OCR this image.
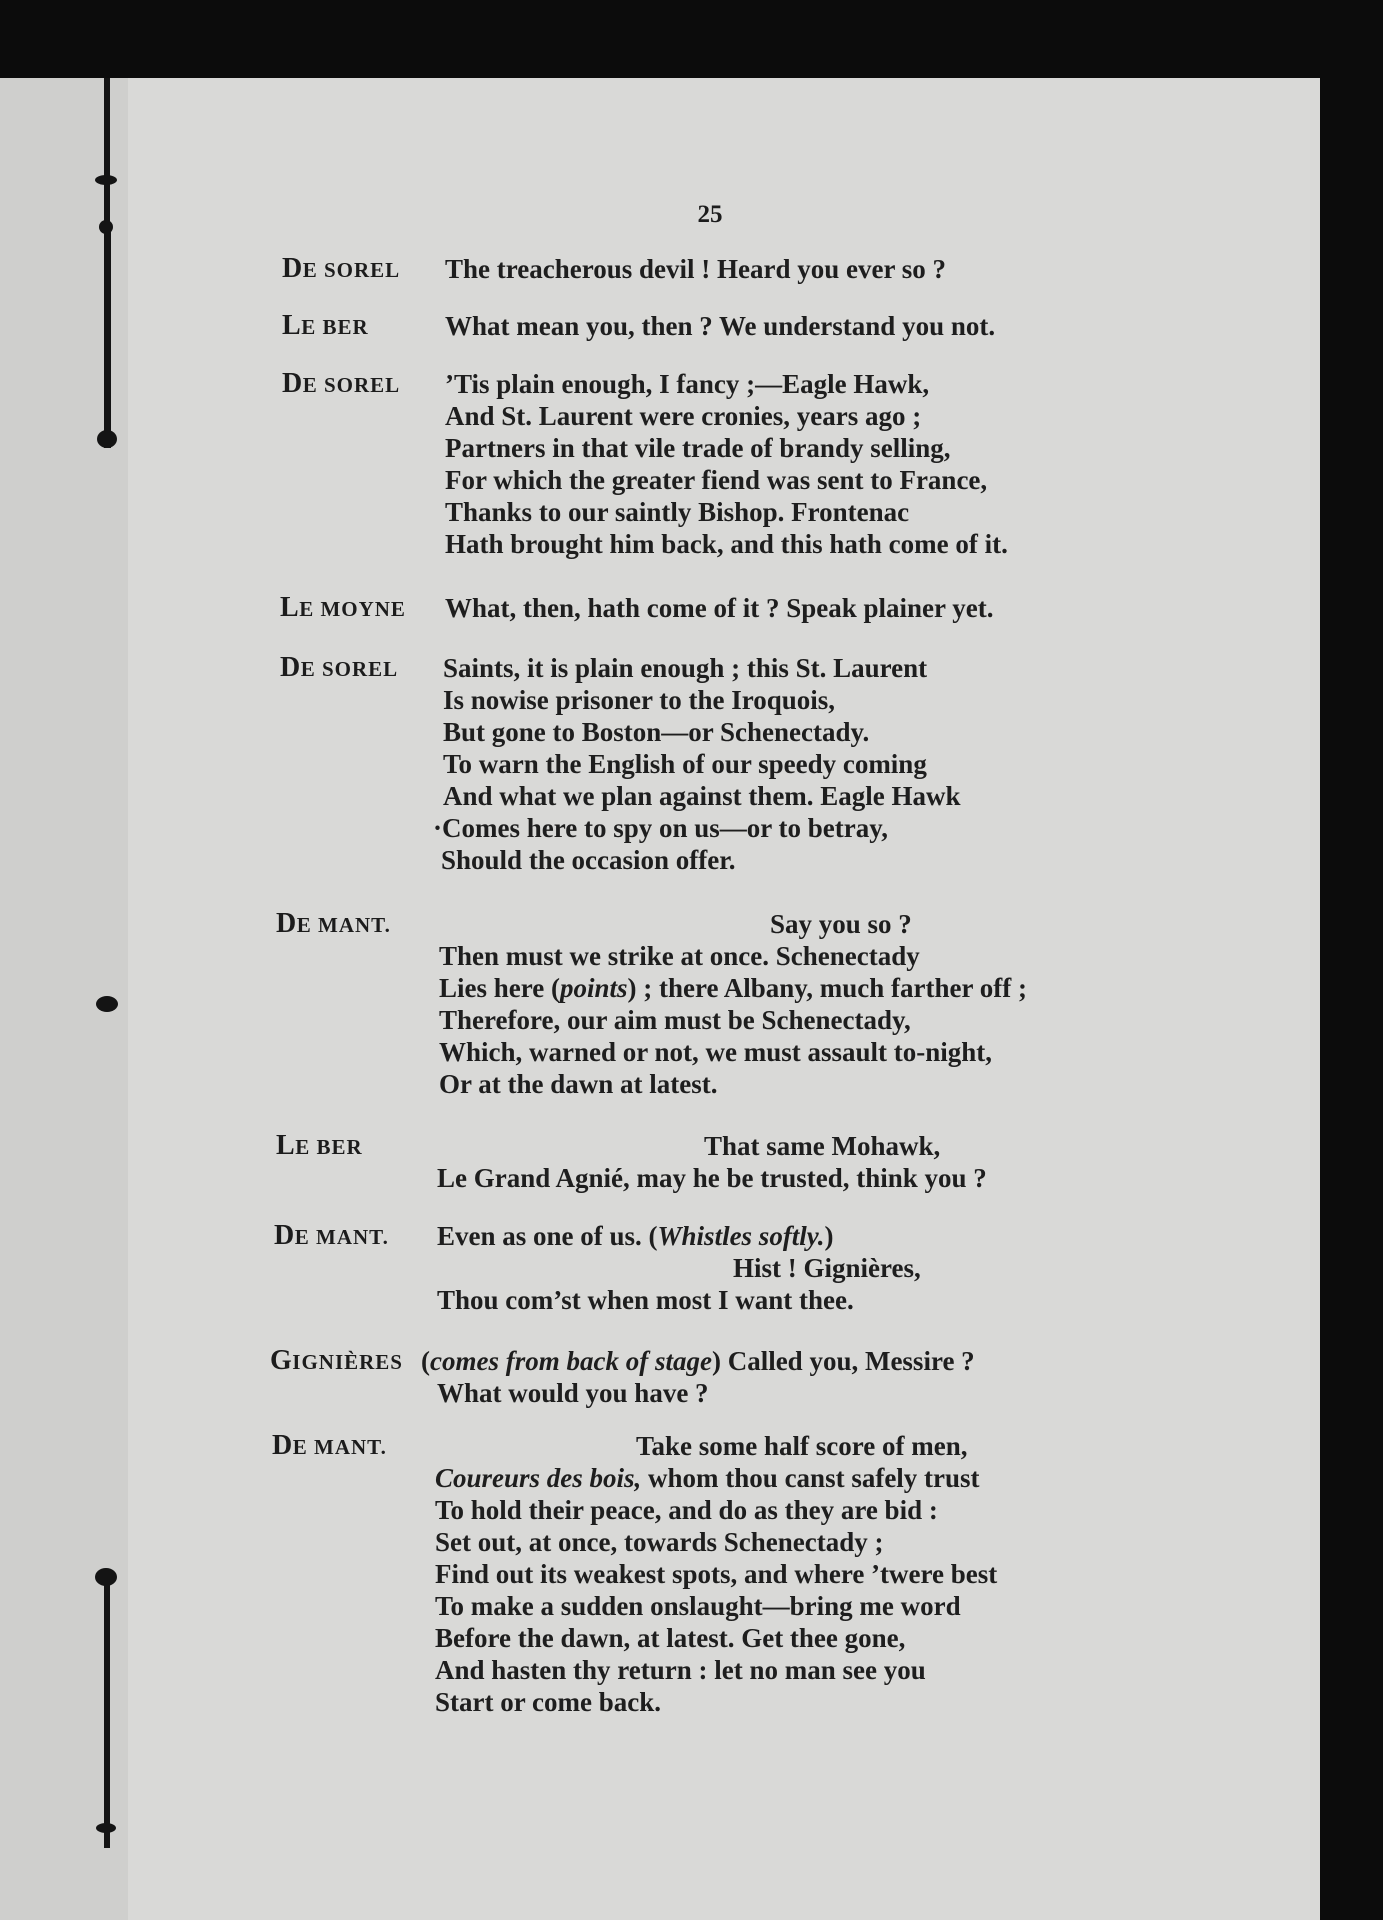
25
DE SOREL The treacherous devil ! Heard you ever so ?
LE BER	What mean you, then ? We understand you not.
DE SOREL ’Tis plain enough, I fancy ;—Eagle Hawk,
And St. Laurent were cronies, years ago ;
Partners in that vile trade of brandy selling,
For which the greater fiend was sent to France,
Thanks to our saintly Bishop. Frontenac
Hath brought him back, and this hath come of it.
LE MOYNE What, then, hath come of it ? Speak plainer yet.
DE SOREL Saints, it is plain enough ; this St. Laurent
Is nowise prisoner to the Iroquois,
But gone to Boston—or Schenectady.
To warn the English of our speedy coming
And what we plan against them. Eagle Hawk
·Comes here to spy on us—or to betray,
Should the occasion offer.
DE MANT.	Say you so ?
Then must we strike at once. Schenectady
Lies here (points) ; there Albany, much farther off ;
Therefore, our aim must be Schenectady,
Which, warned or not, we must assault to-night,
Or at the dawn at latest.
LE BER	That same Mohawk,
Le Grand Agnié, may he be trusted, think you ?
DE MANT. Even as one of us. (Whistles softly.)
Hist ! Gignières,
Thou com’st when most I want thee.
GIGNIÈRES (comes from back of stage) Called you, Messire ?
What would you have ?
DE MANT.	Take some half score of men,
Coureurs des bois, whom thou canst safely trust
To hold their peace, and do as they are bid :
Set out, at once, towards Schenectady ;
Find out its weakest spots, and where ’twere best
To make a sudden onslaught—bring me word
Before the dawn, at latest. Get thee gone,
And hasten thy return : let no man see you
Start or come back.
